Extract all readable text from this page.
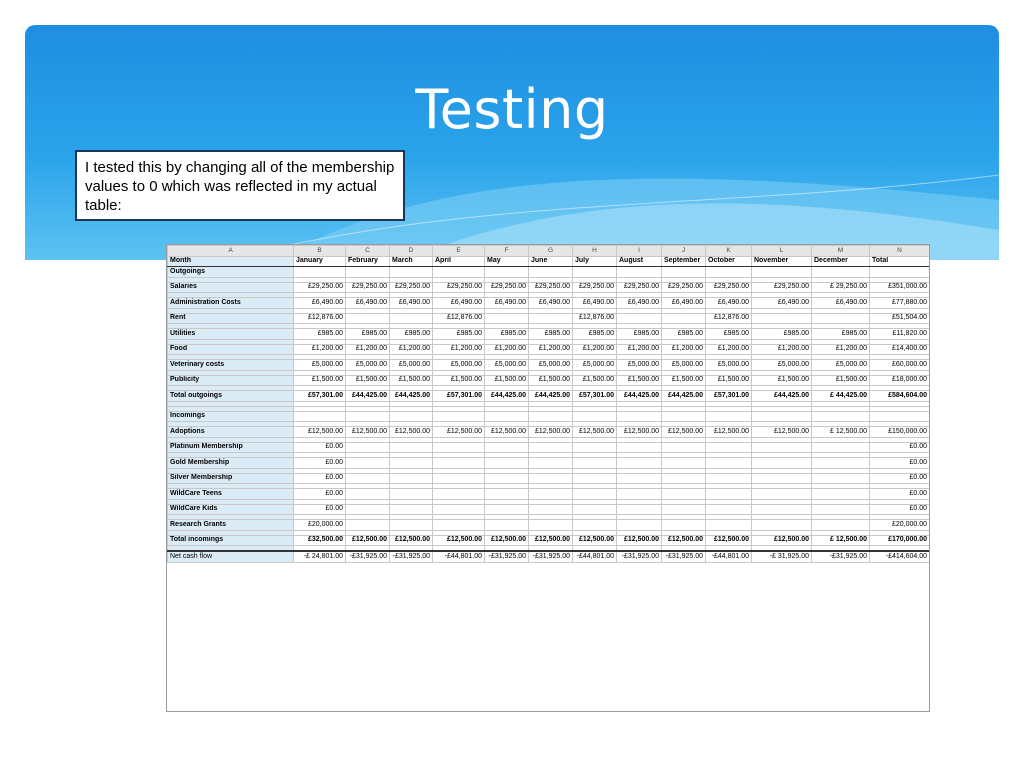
Testing
I tested this by changing all of the membership values to 0 which was reflected in my actual table:
A	B	C	D	E	F	G	H	I	J	K	L	M	N
Month	January	February	March	April	May	June	July	August	September	October	November	December	Total
Outgoings													

Salaries	£29,250.00	£29,250.00	£29,250.00	£29,250.00	£29,250.00	£29,250.00	£29,250.00	£29,250.00	£29,250.00	£29,250.00	£29,250.00	£ 29,250.00	£351,000.00

Administration Costs	£6,490.00	£6,490.00	£6,490.00	£6,490.00	£6,490.00	£6,490.00	£6,490.00	£6,490.00	£6,490.00	£6,490.00	£6,490.00	£6,490.00	£77,880.00

Rent	£12,876.00			£12,876.00			£12,876.00			£12,876.00			£51,504.00

Utilities	£985.00	£985.00	£985.00	£985.00	£985.00	£985.00	£985.00	£985.00	£985.00	£985.00	£985.00	£985.00	£11,820.00

Food	£1,200.00	£1,200.00	£1,200.00	£1,200.00	£1,200.00	£1,200.00	£1,200.00	£1,200.00	£1,200.00	£1,200.00	£1,200.00	£1,200.00	£14,400.00

Veterinary costs	£5,000.00	£5,000.00	£5,000.00	£5,000.00	£5,000.00	£5,000.00	£5,000.00	£5,000.00	£5,000.00	£5,000.00	£5,000.00	£5,000.00	£60,000.00

Publicity	£1,500.00	£1,500.00	£1,500.00	£1,500.00	£1,500.00	£1,500.00	£1,500.00	£1,500.00	£1,500.00	£1,500.00	£1,500.00	£1,500.00	£18,000.00

Total outgoings	£57,301.00	£44,425.00	£44,425.00	£57,301.00	£44,425.00	£44,425.00	£57,301.00	£44,425.00	£44,425.00	£57,301.00	£44,425.00	£ 44,425.00	£584,604.00

Incomings													

Adoptions	£12,500.00	£12,500.00	£12,500.00	£12,500.00	£12,500.00	£12,500.00	£12,500.00	£12,500.00	£12,500.00	£12,500.00	£12,500.00	£ 12,500.00	£150,000.00

Platinum Membership	£0.00												£0.00

Gold Membership	£0.00												£0.00

Silver Membership	£0.00												£0.00

WildCare Teens	£0.00												£0.00

WildCare Kids	£0.00												£0.00

Research Grants	£20,000.00												£20,000.00

Total incomings	£32,500.00	£12,500.00	£12,500.00	£12,500.00	£12,500.00	£12,500.00	£12,500.00	£12,500.00	£12,500.00	£12,500.00	£12,500.00	£ 12,500.00	£170,000.00

Net cash flow	-£ 24,801.00	-£31,925.00	-£31,925.00	-£44,801.00	-£31,925.00	-£31,925.00	-£44,801.00	-£31,925.00	-£31,925.00	-£44,801.00	-£ 31,925.00	-£31,925.00	-£414,604.00
